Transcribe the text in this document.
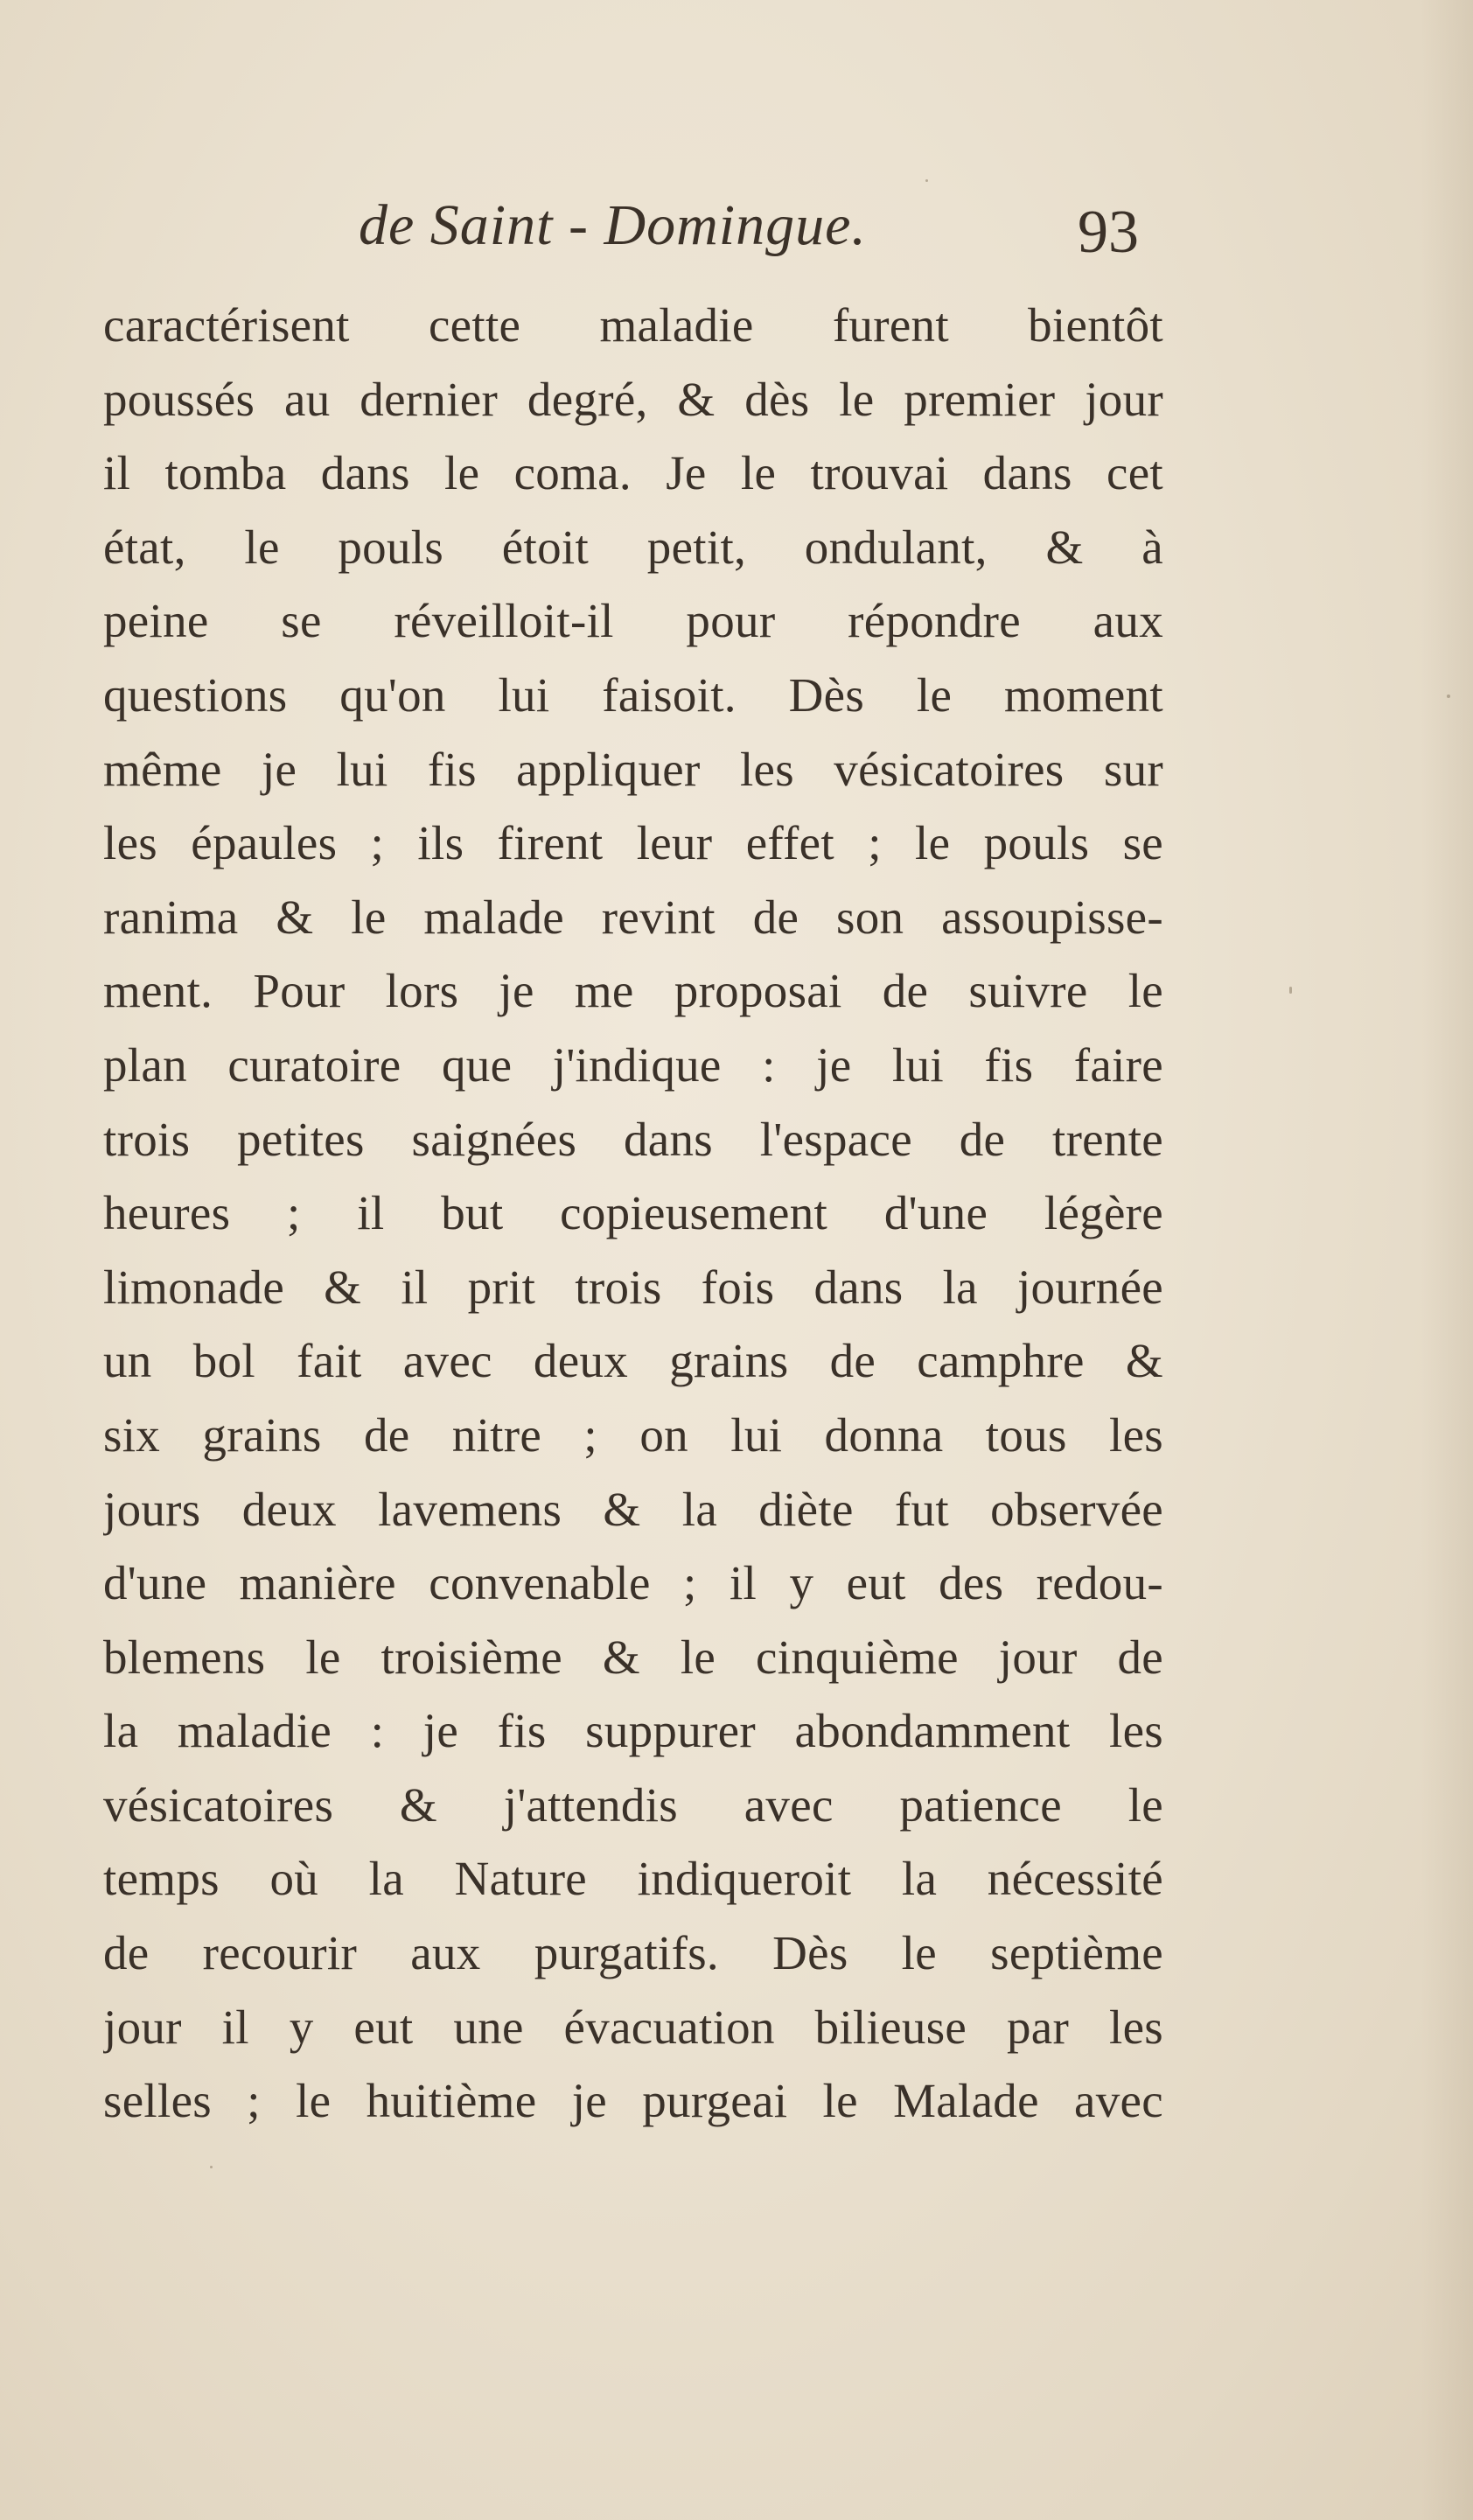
de Saint - Domingue.	93
caractérisent cette maladie furent bientôt
poussés au dernier degré, & dès le premier jour
il tomba dans le coma. Je le trouvai dans cet
état, le pouls étoit petit, ondulant, & à
peine se réveilloit-il pour répondre aux
questions qu'on lui faisoit. Dès le moment
même je lui fis appliquer les vésicatoires sur
les épaules ; ils firent leur effet ; le pouls se
ranima & le malade revint de son assoupisse-
ment. Pour lors je me proposai de suivre le
plan curatoire que j'indique : je lui fis faire
trois petites saignées dans l'espace de trente
heures ; il but copieusement d'une légère
limonade & il prit trois fois dans la journée
un bol fait avec deux grains de camphre &
six grains de nitre ; on lui donna tous les
jours deux lavemens & la diète fut observée
d'une manière convenable ; il y eut des redou-
blemens le troisième & le cinquième jour de
la maladie : je fis suppurer abondamment les
vésicatoires & j'attendis avec patience le
temps où la Nature indiqueroit la nécessité
de recourir aux purgatifs. Dès le septième
jour il y eut une évacuation bilieuse par les
selles ; le huitième je purgeai le Malade avec
